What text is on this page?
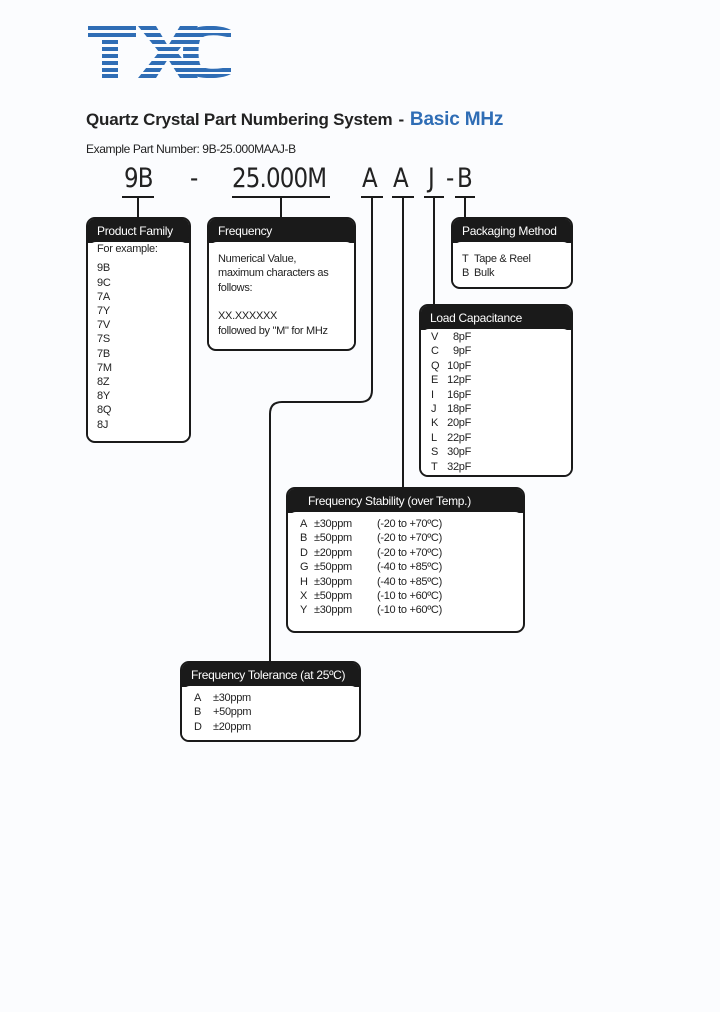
Quartz Crystal Part Numbering System - Basic MHz
Example Part Number: 9B-25.000MAAJ-B
9B - 25.000M A A J - B
Product Family
For example:
9B
9C
7A
7Y
7V
7S
7B
7M
8Z
8Y
8Q
8J
Frequency
Numerical Value,
maximum characters as
follows:
XX.XXXXXX
followed by "M" for MHz
Packaging Method
T Tape & Reel
B Bulk
Load Capacitance
V	8pF
C	9pF
Q 10pF
E 12pF
I	16pF
J 18pF
K 20pF
L 22pF
S 30pF
T 32pF
Frequency Stability (over Temp.)
A ±30ppm	(-20 to +70ºC)
B ±50ppm	(-20 to +70ºC)
D ±20ppm	(-20 to +70ºC)
G ±50ppm	(-40 to +85ºC)
H ±30ppm	(-40 to +85ºC)
X ±50ppm	(-10 to +60ºC)
Y ±30ppm	(-10 to +60ºC)
Frequency Tolerance (at 25ºC)
A	±30ppm
B	+50ppm
D	±20ppm
